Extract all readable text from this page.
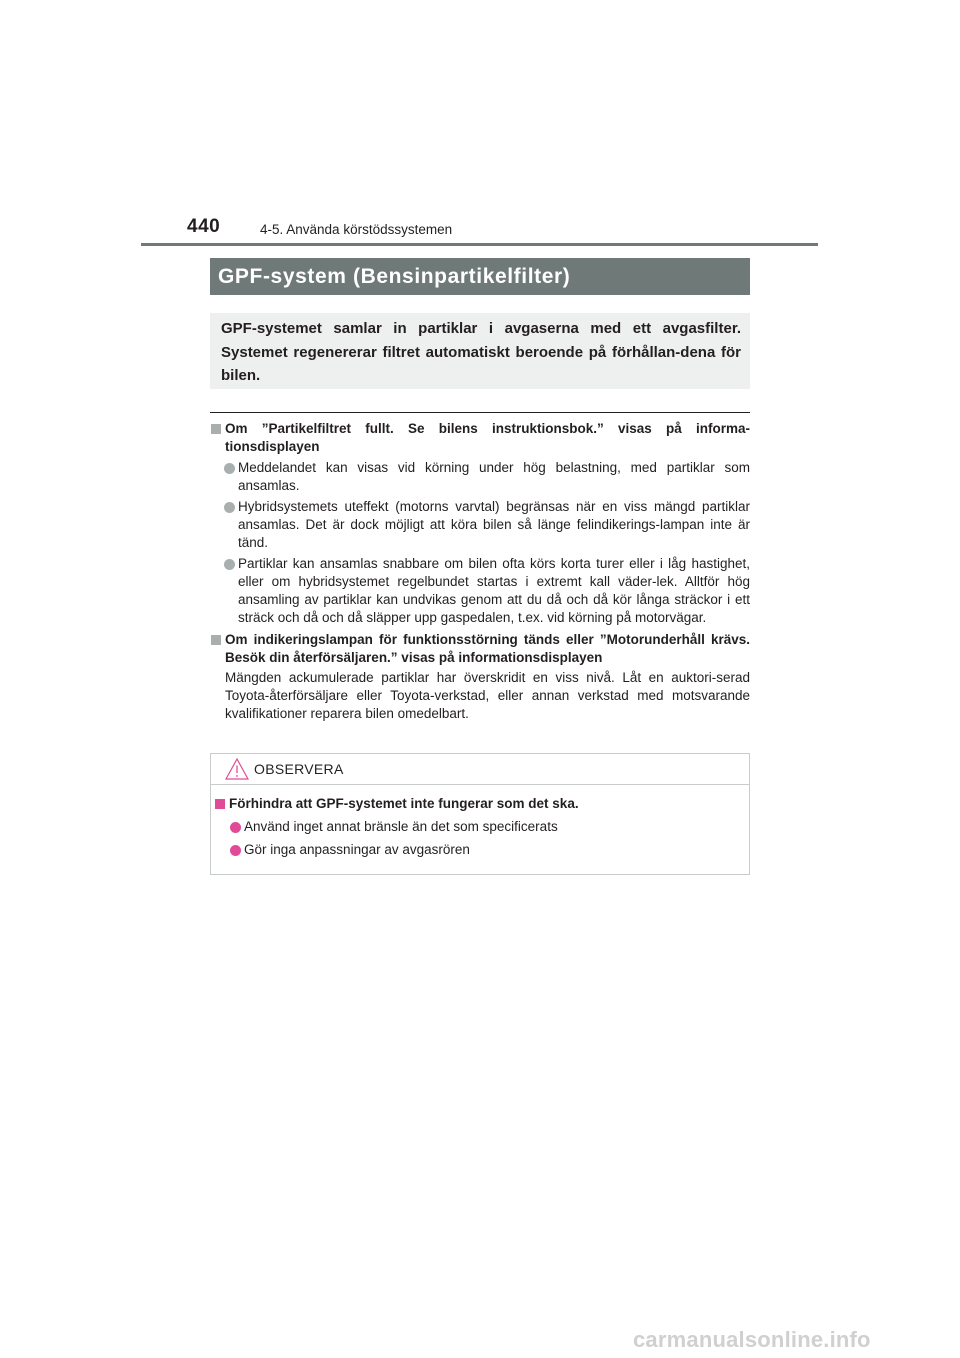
440	4-5. Använda körstödssystemen
GPF-system (Bensinpartikelfilter)
GPF-systemet samlar in partiklar i avgaserna med ett avgasfilter. Systemet regenererar filtret automatiskt beroende på förhållan-dena för bilen.
Om ”Partikelfiltret fullt. Se bilens instruktionsbok.” visas på informa-tionsdisplayen
Meddelandet kan visas vid körning under hög belastning, med partiklar som ansamlas.
Hybridsystemets uteffekt (motorns varvtal) begränsas när en viss mängd partiklar ansamlas. Det är dock möjligt att köra bilen så länge felindikerings-lampan inte är tänd.
Partiklar kan ansamlas snabbare om bilen ofta körs korta turer eller i låg hastighet, eller om hybridsystemet regelbundet startas i extremt kall väder-lek. Alltför hög ansamling av partiklar kan undvikas genom att du då och då kör långa sträckor i ett sträck och då och då släpper upp gaspedalen, t.ex. vid körning på motorvägar.
Om indikeringslampan för funktionsstörning tänds eller ”Motorunderhåll krävs. Besök din återförsäljaren.” visas på informationsdisplayen
Mängden ackumulerade partiklar har överskridit en viss nivå. Låt en auktori-serad Toyota-återförsäljare eller Toyota-verkstad, eller annan verkstad med motsvarande kvalifikationer reparera bilen omedelbart.
OBSERVERA
Förhindra att GPF-systemet inte fungerar som det ska.
Använd inget annat bränsle än det som specificerats
Gör inga anpassningar av avgasrören
carmanualsonline.info
